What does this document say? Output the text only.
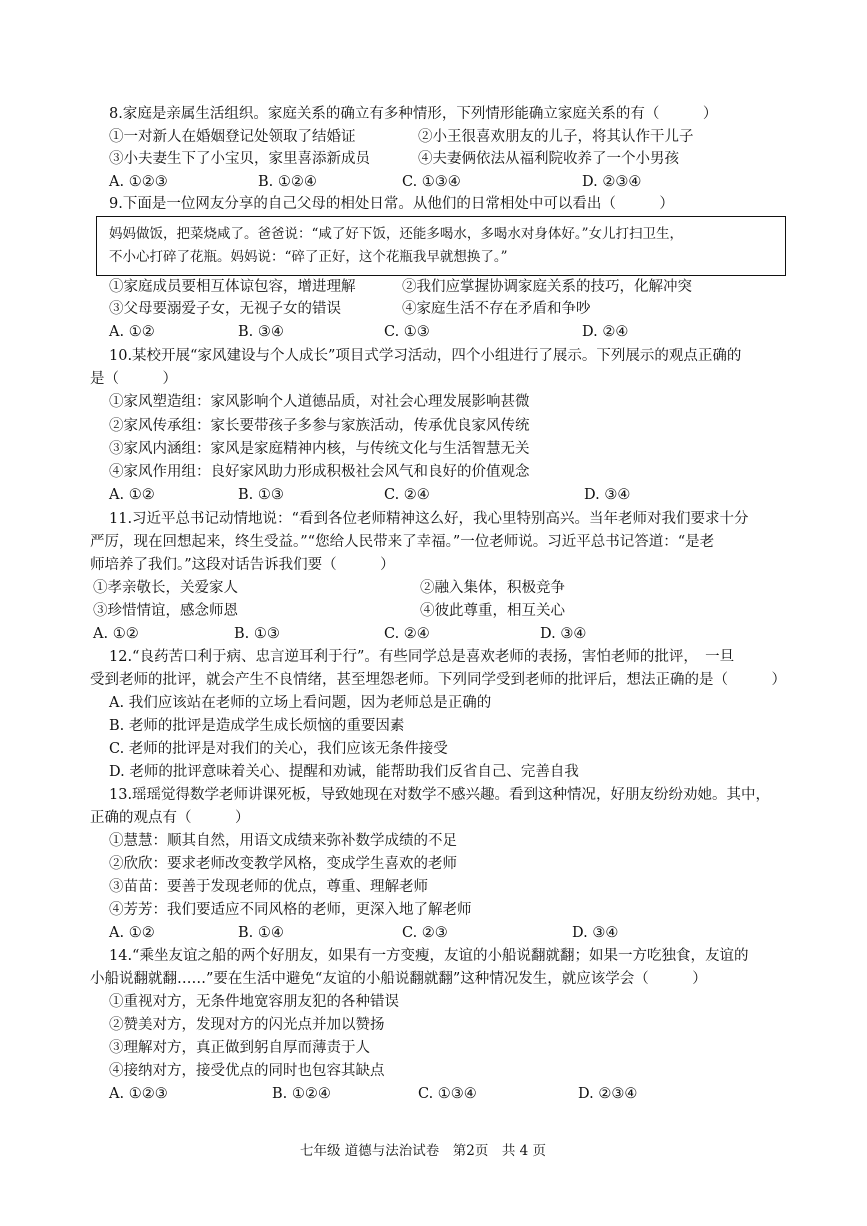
8.家庭是亲属生活组织。家庭关系的确立有多种情形，下列情形能确立家庭关系的有（　　　）
①一对新人在婚姻登记处领取了结婚证	②小王很喜欢朋友的儿子，将其认作干儿子
③小夫妻生下了小宝贝，家里喜添新成员	④夫妻俩依法从福利院收养了一个小男孩
A. ①②③	B. ①②④	C. ①③④	D. ②③④
9.下面是一位网友分享的自己父母的相处日常。从他们的日常相处中可以看出（　　　）
妈妈做饭，把菜烧咸了。爸爸说：“咸了好下饭，还能多喝水，多喝水对身体好。”女儿打扫卫生，
不小心打碎了花瓶。妈妈说：“碎了正好，这个花瓶我早就想换了。”
①家庭成员要相互体谅包容，增进理解	②我们应掌握协调家庭关系的技巧，化解冲突
③父母要溺爱子女，无视子女的错误	④家庭生活不存在矛盾和争吵
A. ①②	B. ③④	C. ①③	D. ②④
10.某校开展“家风建设与个人成长”项目式学习活动，四个小组进行了展示。下列展示的观点正确的
是（　　　）
①家风塑造组：家风影响个人道德品质，对社会心理发展影响甚微
②家风传承组：家长要带孩子多参与家族活动，传承优良家风传统
③家风内涵组：家风是家庭精神内核，与传统文化与生活智慧无关
④家风作用组：良好家风助力形成积极社会风气和良好的价值观念
A. ①②	B. ①③	C. ②④	D. ③④
11.习近平总书记动情地说：“看到各位老师精神这么好，我心里特别高兴。当年老师对我们要求十分
严厉，现在回想起来，终生受益。”“您给人民带来了幸福。”一位老师说。习近平总书记答道：“是老
师培养了我们。”这段对话告诉我们要（　　　）
①孝亲敬长，关爱家人	②融入集体，积极竞争
③珍惜情谊，感念师恩	④彼此尊重，相互关心
A. ①②	B. ①③	C. ②④	D. ③④
12.“良药苦口利于病、忠言逆耳利于行”。有些同学总是喜欢老师的表扬，害怕老师的批评，　一旦
受到老师的批评，就会产生不良情绪，甚至埋怨老师。下列同学受到老师的批评后，想法正确的是（　　　）
A. 我们应该站在老师的立场上看问题，因为老师总是正确的
B. 老师的批评是造成学生成长烦恼的重要因素
C. 老师的批评是对我们的关心，我们应该无条件接受
D. 老师的批评意味着关心、提醒和劝诫，能帮助我们反省自己、完善自我
13.瑶瑶觉得数学老师讲课死板，导致她现在对数学不感兴趣。看到这种情况，好朋友纷纷劝她。其中，
正确的观点有（　　　）
①慧慧：顺其自然，用语文成绩来弥补数学成绩的不足
②欣欣：要求老师改变教学风格，变成学生喜欢的老师
③苗苗：要善于发现老师的优点，尊重、理解老师
④芳芳：我们要适应不同风格的老师，更深入地了解老师
A. ①②	B. ①④	C. ②③	D. ③④
14.“乘坐友谊之船的两个好朋友，如果有一方变瘦，友谊的小船说翻就翻；如果一方吃独食，友谊的
小船说翻就翻……”要在生活中避免“友谊的小船说翻就翻”这种情况发生，就应该学会（　　　）
①重视对方，无条件地宽容朋友犯的各种错误
②赞美对方，发现对方的闪光点并加以赞扬
③理解对方，真正做到躬自厚而薄责于人
④接纳对方，接受优点的同时也包容其缺点
A. ①②③	B. ①②④	C. ①③④	D. ②③④
七年级 道德与法治试卷　第2页　共 4 页
